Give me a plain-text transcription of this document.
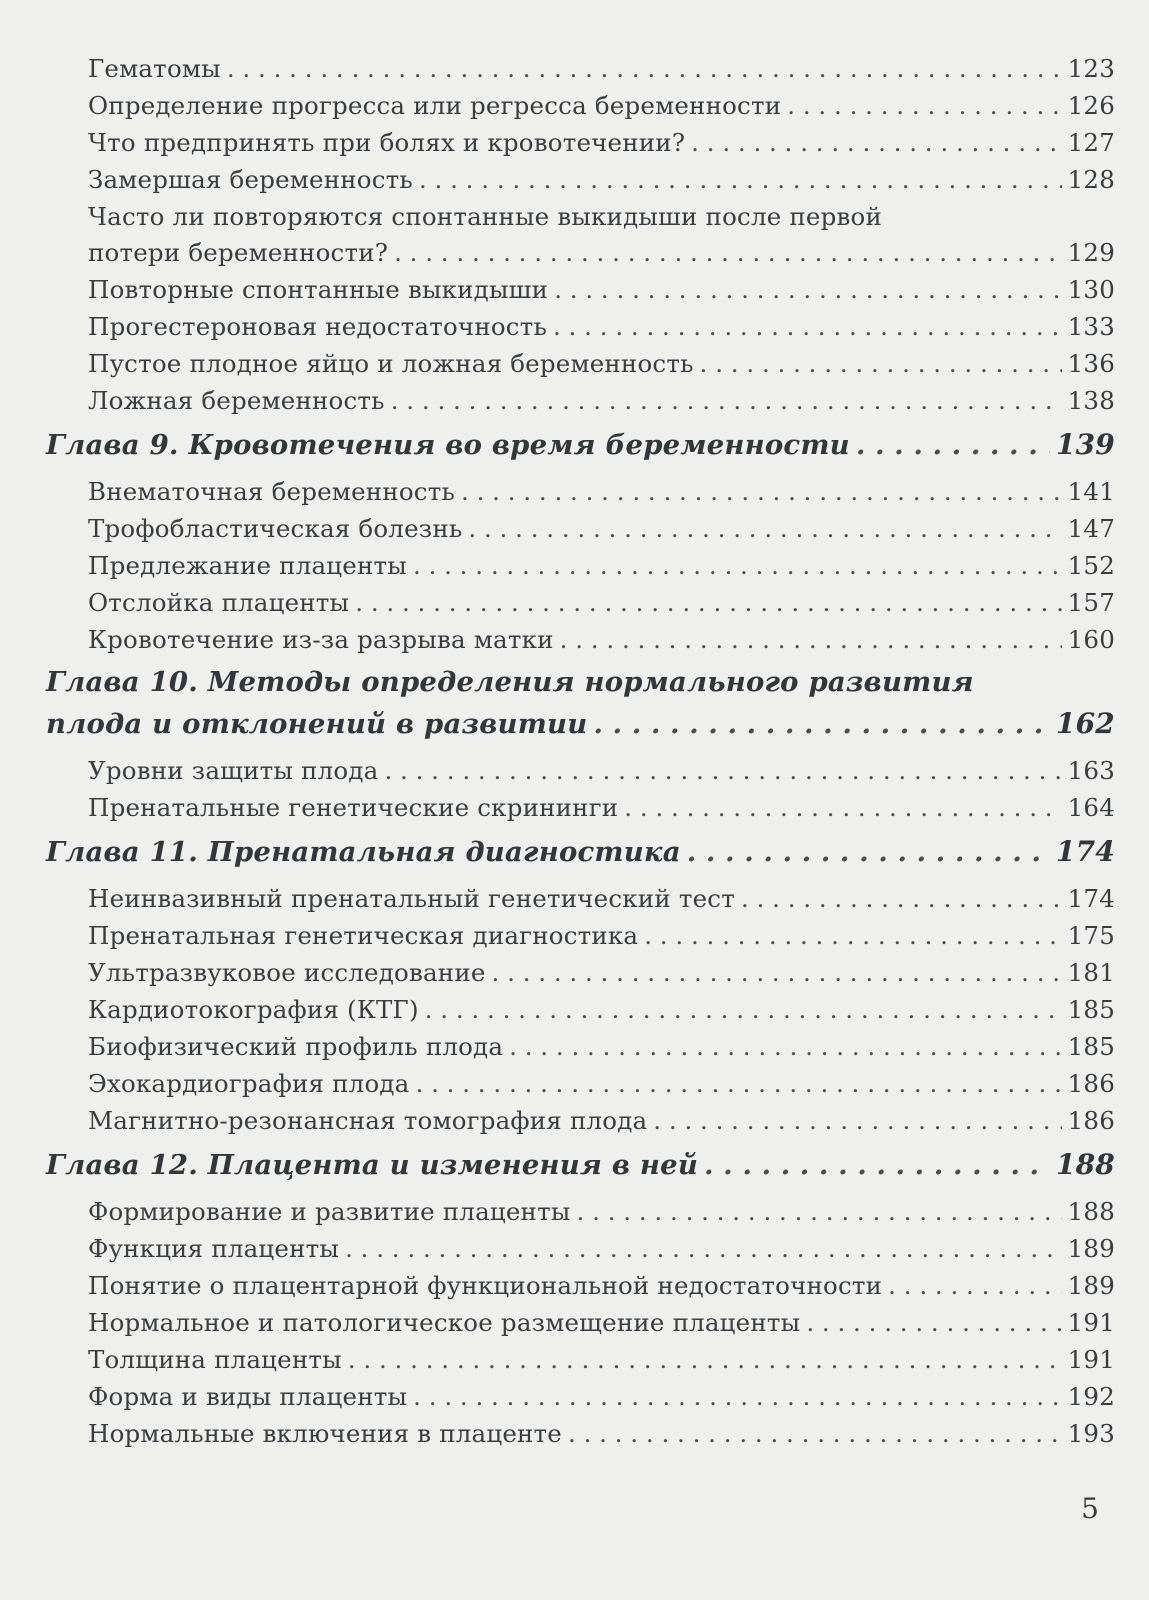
Гематомы . . .	123
Определение прогресса или регресса беременности . . .	126
Что предпринять при болях и кровотечении? . . .	127
Замершая беременность . . .	128
Часто ли повторяются спонтанные выкидыши после первой
потери беременности? . . .	129
Повторные спонтанные выкидыши . . .	130
Прогестероновая недостаточность . . .	133
Пустое плодное яйцо и ложная беременность . . .	136
Ложная беременность . . .	138
Глава 9. Кровотечения во время беременности . . .	139
Внематочная беременность . . .	141
Трофобластическая болезнь . . .	147
Предлежание плаценты . . .	152
Отслойка плаценты . . .	157
Кровотечение из-за разрыва матки . . .	160
Глава 10. Методы определения нормального развития
плода и отклонений в развитии . . .	162
Уровни защиты плода . . .	163
Пренатальные генетические скрининги . . .	164
Глава 11. Пренатальная диагностика . . .	174
Неинвазивный пренатальный генетический тест . . .	174
Пренатальная генетическая диагностика . . .	175
Ультразвуковое исследование . . .	181
Кардиотокография (КТГ) . . .	185
Биофизический профиль плода . . .	185
Эхокардиография плода . . .	186
Магнитно-резонансная томография плода . . .	186
Глава 12. Плацента и изменения в ней . . .	188
Формирование и развитие плаценты . . .	188
Функция плаценты . . .	189
Понятие о плацентарной функциональной недостаточности . . .	189
Нормальное и патологическое размещение плаценты . . .	191
Толщина плаценты . . .	191
Форма и виды плаценты . . .	192
Нормальные включения в плаценте . . .	193
5
